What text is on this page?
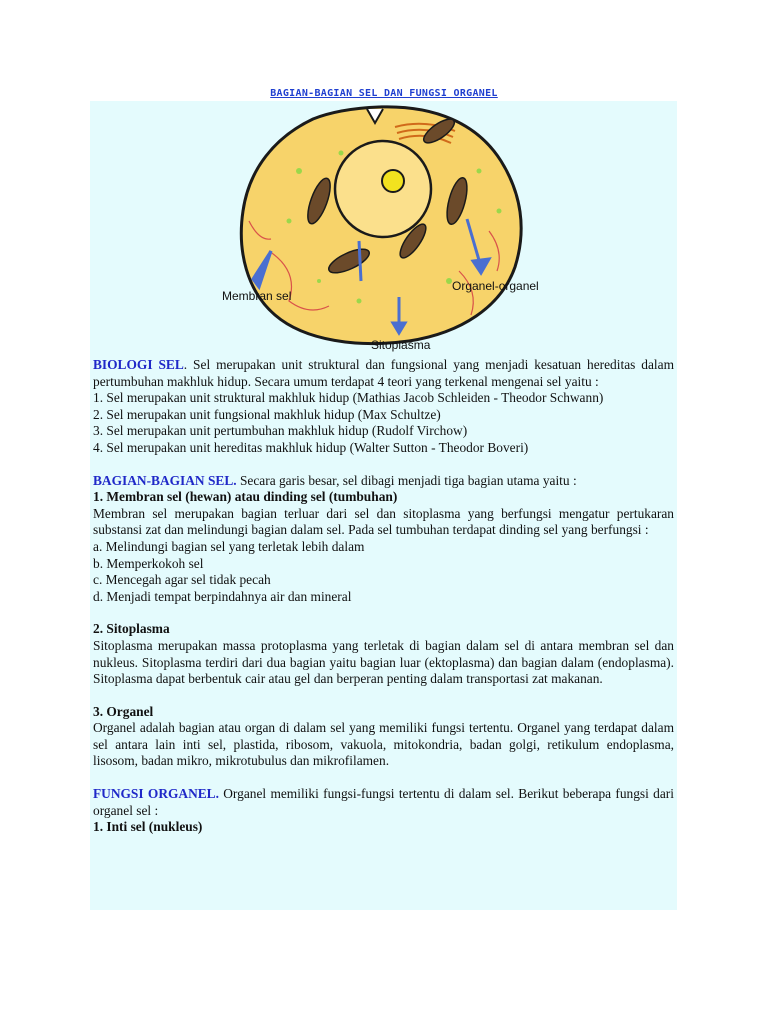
BAGIAN-BAGIAN SEL DAN FUNGSI ORGANEL
Membran sel
Organel-organel
Sitoplasma

BIOLOGI SEL. Sel merupakan unit struktural dan fungsional yang menjadi kesatuan hereditas dalam pertumbuhan makhluk hidup. Secara umum terdapat 4 teori yang terkenal mengenai sel yaitu :

1. Sel merupakan unit struktural makhluk hidup (Mathias Jacob Schleiden - Theodor Schwann)

2. Sel merupakan unit fungsional makhluk hidup (Max Schultze)

3. Sel merupakan unit pertumbuhan makhluk hidup (Rudolf Virchow)

4. Sel merupakan unit hereditas makhluk hidup (Walter Sutton - Theodor Boveri)

BAGIAN-BAGIAN SEL. Secara garis besar, sel dibagi menjadi tiga bagian utama yaitu :

1. Membran sel (hewan) atau dinding sel (tumbuhan)

Membran sel merupakan bagian terluar dari sel dan sitoplasma yang berfungsi mengatur pertukaran substansi zat dan melindungi bagian dalam sel. Pada sel tumbuhan terdapat dinding sel yang berfungsi :

a. Melindungi bagian sel yang terletak lebih dalam

b. Memperkokoh sel

c. Mencegah agar sel tidak pecah

d. Menjadi tempat berpindahnya air dan mineral

2. Sitoplasma

Sitoplasma merupakan massa protoplasma yang terletak di bagian dalam sel di antara membran sel dan nukleus. Sitoplasma terdiri dari dua bagian yaitu bagian luar (ektoplasma) dan bagian dalam (endoplasma). Sitoplasma dapat berbentuk cair atau gel dan berperan penting dalam transportasi zat makanan.

3. Organel

Organel adalah bagian atau organ di dalam sel yang memiliki fungsi tertentu. Organel yang terdapat dalam sel antara lain inti sel, plastida, ribosom, vakuola, mitokondria, badan golgi, retikulum endoplasma, lisosom, badan mikro, mikrotubulus dan mikrofilamen.

FUNGSI ORGANEL. Organel memiliki fungsi-fungsi tertentu di dalam sel. Berikut beberapa fungsi dari organel sel :

1. Inti sel (nukleus)
